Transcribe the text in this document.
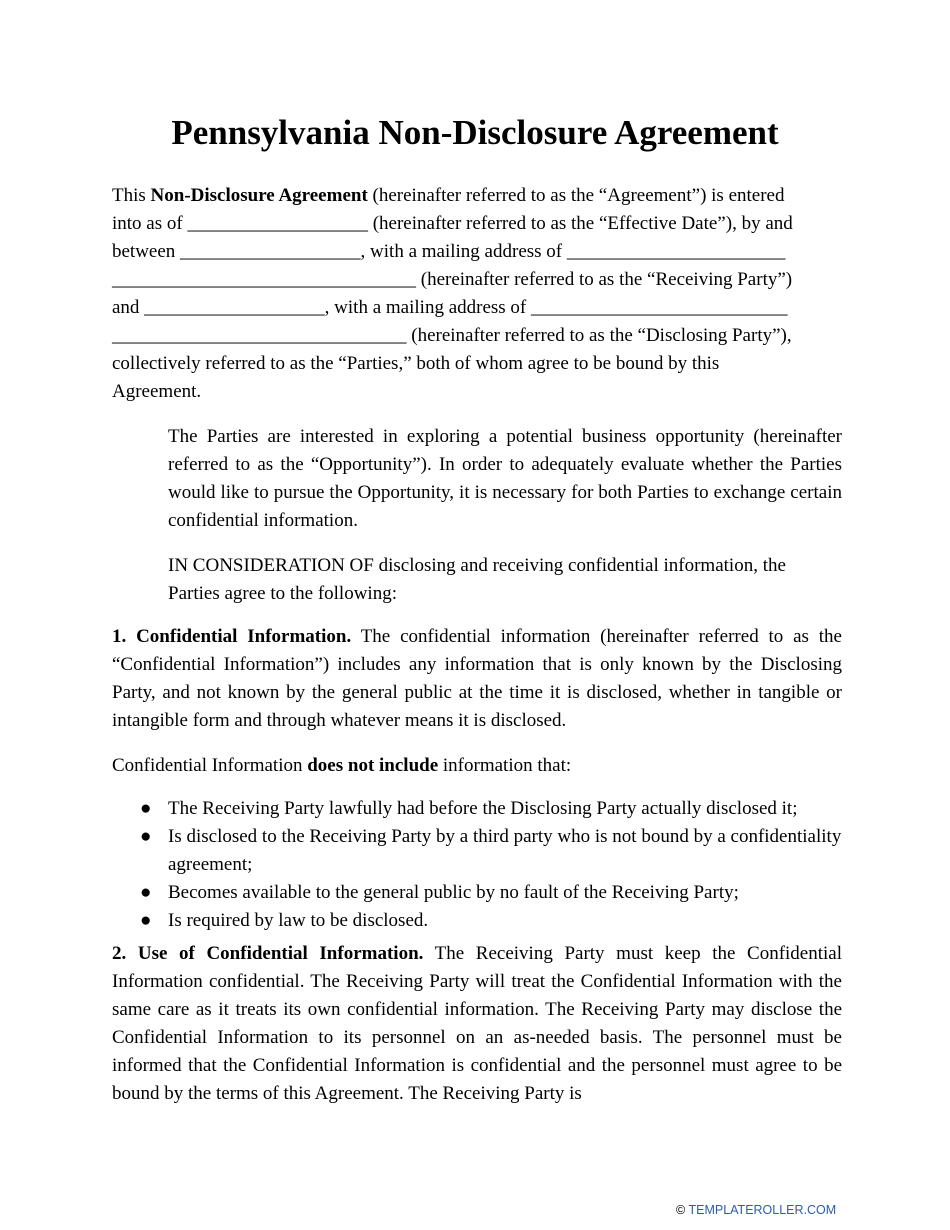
Pennsylvania Non-Disclosure Agreement
This Non-Disclosure Agreement (hereinafter referred to as the “Agreement”) is entered
into as of ___________________ (hereinafter referred to as the “Effective Date”), by and
between ___________________, with a mailing address of _______________________
________________________________ (hereinafter referred to as the “Receiving Party”)
and ___________________, with a mailing address of ___________________________
_______________________________ (hereinafter referred to as the “Disclosing Party”),
collectively referred to as the “Parties,” both of whom agree to be bound by this
Agreement.
The Parties are interested in exploring a potential business opportunity (hereinafter referred to as the “Opportunity”). In order to adequately evaluate whether the Parties would like to pursue the Opportunity, it is necessary for both Parties to exchange certain confidential information.
IN CONSIDERATION OF disclosing and receiving confidential information, the Parties agree to the following:
1. Confidential Information. The confidential information (hereinafter referred to as the “Confidential Information”) includes any information that is only known by the Disclosing Party, and not known by the general public at the time it is disclosed, whether in tangible or intangible form and through whatever means it is disclosed.
Confidential Information does not include information that:
● The Receiving Party lawfully had before the Disclosing Party actually disclosed it;
● Is disclosed to the Receiving Party by a third party who is not bound by a confidentiality agreement;
● Becomes available to the general public by no fault of the Receiving Party;
● Is required by law to be disclosed.
2. Use of Confidential Information. The Receiving Party must keep the Confidential Information confidential. The Receiving Party will treat the Confidential Information with the same care as it treats its own confidential information. The Receiving Party may disclose the Confidential Information to its personnel on an as-needed basis. The personnel must be informed that the Confidential Information is confidential and the personnel must agree to be bound by the terms of this Agreement. The Receiving Party is
© TEMPLATEROLLER.COM
